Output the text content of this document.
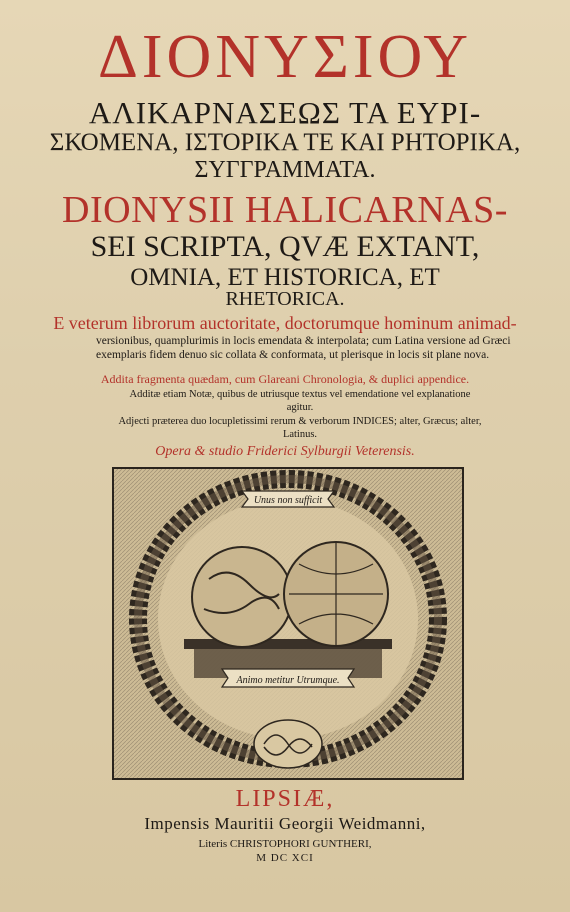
ΔΙΟΝΥΣΙΟΥ
ΑΛΙΚΑΡΝΑΣΕΩΣ ΤΑ ΕΥΡΙ-
ΣΚΟΜΕΝΑ, ΙΣΤΟΡΙΚΑ ΤΕ ΚΑΙ ΡΗΤΟΡΙΚΑ,
ΣΥΓΓΡΑΜΜΑΤΑ.
DIONYSII HALICARNAS-
SEI SCRIPTA, QVÆ EXTANT,
OMNIA, ET HISTORICA, ET
RHETORICA.
E veterum librorum auctoritate, doctorumque hominum animad-
versionibus, quamplurimis in locis emendata & interpolata; cum Latina versione ad Græci exemplaris fidem denuo sic collata & conformata, ut plerisque in locis sit plane nova.
Addita fragmenta quædam, cum Glareani Chronologia, & duplici appendice.
Additæ etiam Notæ, quibus de utriusque textus vel emendatione vel explanatione agitur.
Adjecti præterea duo locupletissimi rerum & verborum INDICES; alter, Græcus; alter, Latinus.
Opera & studio Friderici Sylburgii Veterensis.
Unus non sufficit
Animo metitur Utrumque.
LIPSIÆ,
Impensis Mauritii Georgii Weidmanni,
Literis CHRISTOPHORI GUNTHERI,
M DC XCI
